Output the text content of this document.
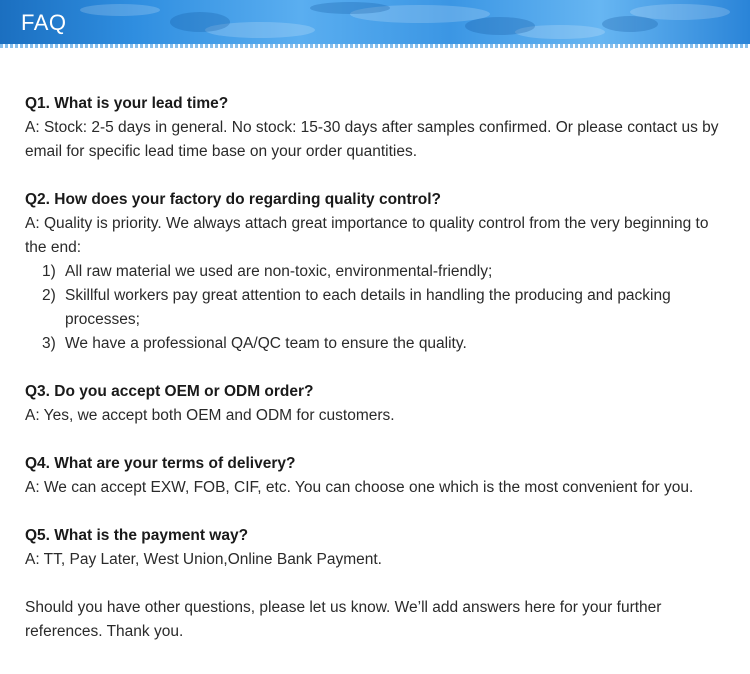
FAQ
Q1. What is your lead time?
A: Stock: 2-5 days in general. No stock: 15-30 days after samples confirmed. Or please contact us by email for specific lead time base on your order quantities.
Q2. How does your factory do regarding quality control?
A: Quality is priority. We always attach great importance to quality control from the very beginning to the end:
1) All raw material we used are non-toxic, environmental-friendly;
2) Skillful workers pay great attention to each details in handling the producing and packing processes;
3) We have a professional QA/QC team to ensure the quality.
Q3. Do you accept OEM or ODM order?
A: Yes, we accept both OEM and ODM for customers.
Q4. What are your terms of delivery?
A: We can accept EXW, FOB, CIF, etc. You can choose one which is the most convenient for you.
Q5. What is the payment way?
A: TT, Pay Later, West Union,Online Bank Payment.
Should you have other questions, please let us know. We’ll add answers here for your further references. Thank you.
